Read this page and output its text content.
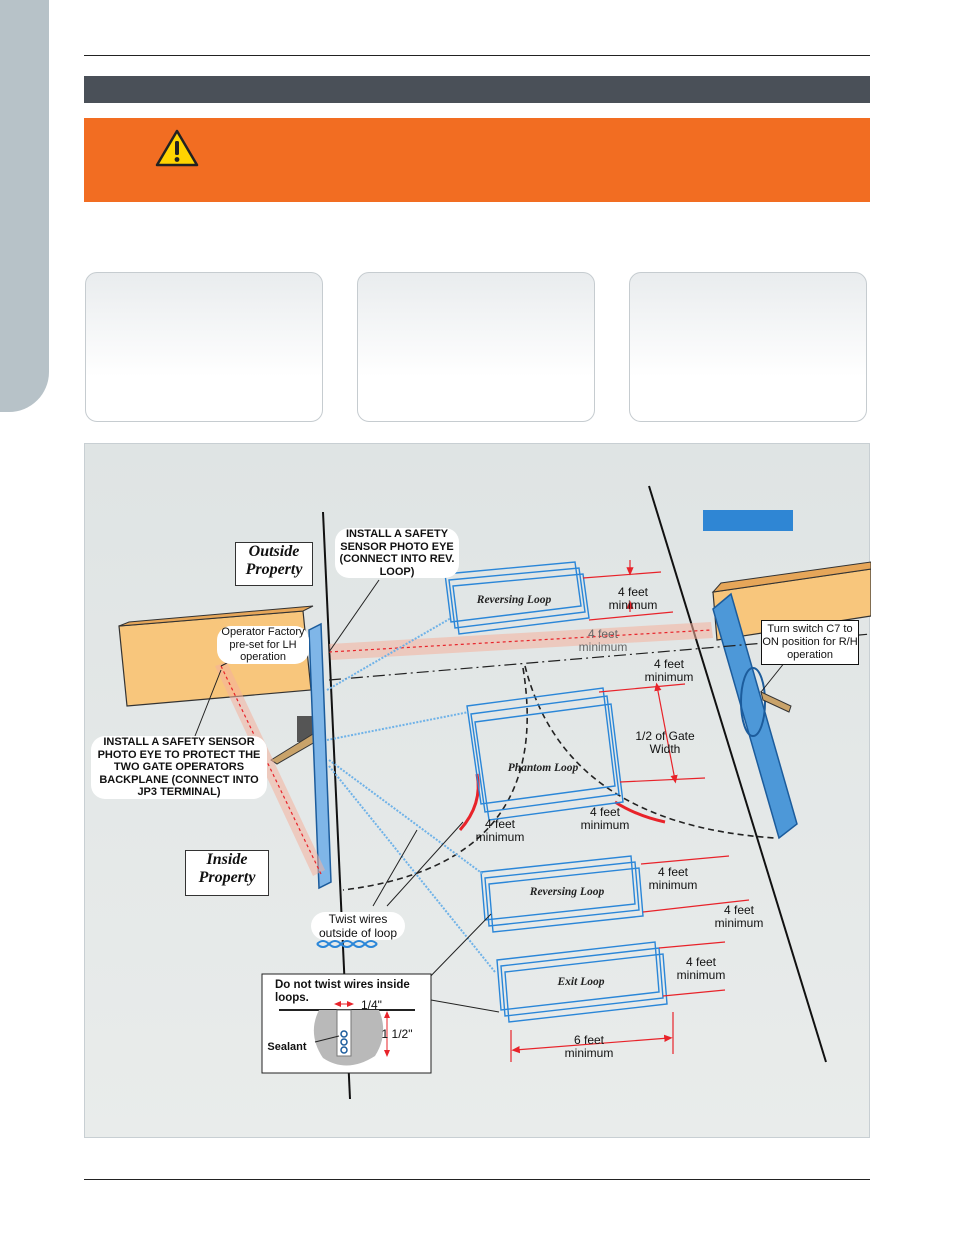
Outside Property
Inside Property
INSTALL A SAFETY SENSOR PHOTO EYE (CONNECT INTO REV. LOOP)
INSTALL A SAFETY SENSOR PHOTO EYE TO PROTECT THE TWO GATE OPERATORS BACKPLANE (CONNECT INTO JP3 TERMINAL)
Operator Factory pre-set for LH operation
Turn switch C7 to ON position for R/H operation
Reversing Loop
Phantom Loop
Reversing Loop
Exit Loop
4 feet minimum
4 feet minimum
4 feet minimum
1/2 of Gate Width
4 feet minimum
4 feet minimum
4 feet minimum
4 feet minimum
4 feet minimum
6 feet minimum
Twist wires outside of loop
Do not twist wires inside loops.	1/4"
1 1/2"
Sealant
